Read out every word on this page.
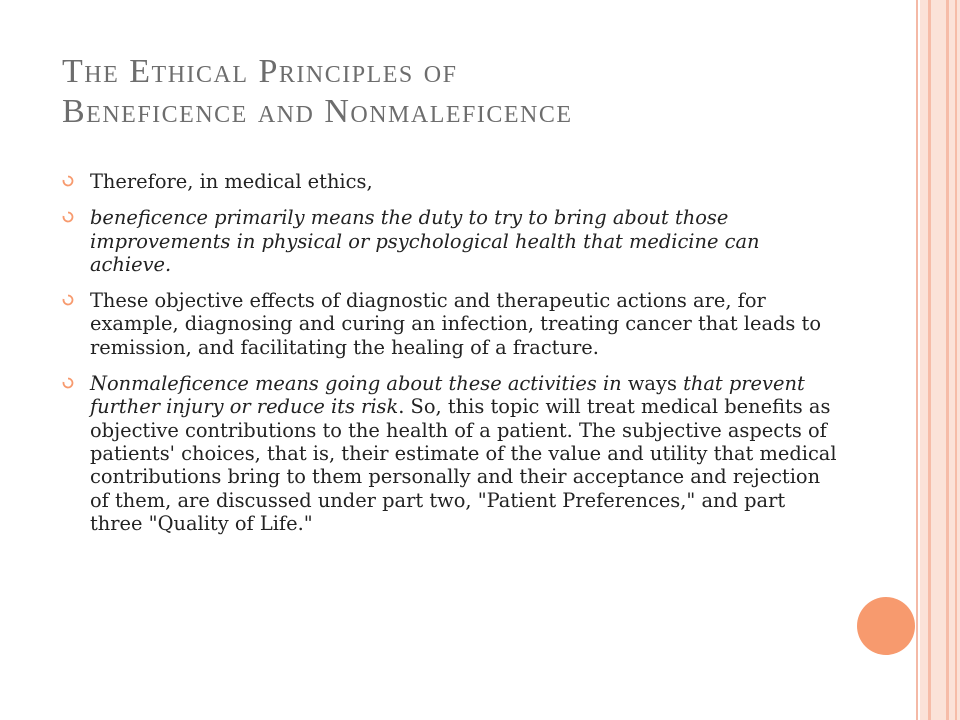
The Ethical Principles of
Beneficence and Nonmaleficence
Therefore, in medical ethics,
beneficence primarily means the duty to try to bring about those improvements in physical or psychological health that medicine can achieve.
These objective effects of diagnostic and therapeutic actions are, for example, diagnosing and curing an infection, treating cancer that leads to remission, and facilitating the healing of a fracture.
Nonmaleficence means going about these activities in ways that prevent further injury or reduce its risk. So, this topic will treat medical benefits as objective contributions to the health of a patient. The subjective aspects of patients' choices, that is, their estimate of the value and utility that medical contributions bring to them personally and their acceptance and rejection of them, are discussed under part two, "Patient Preferences," and part three "Quality of Life."
